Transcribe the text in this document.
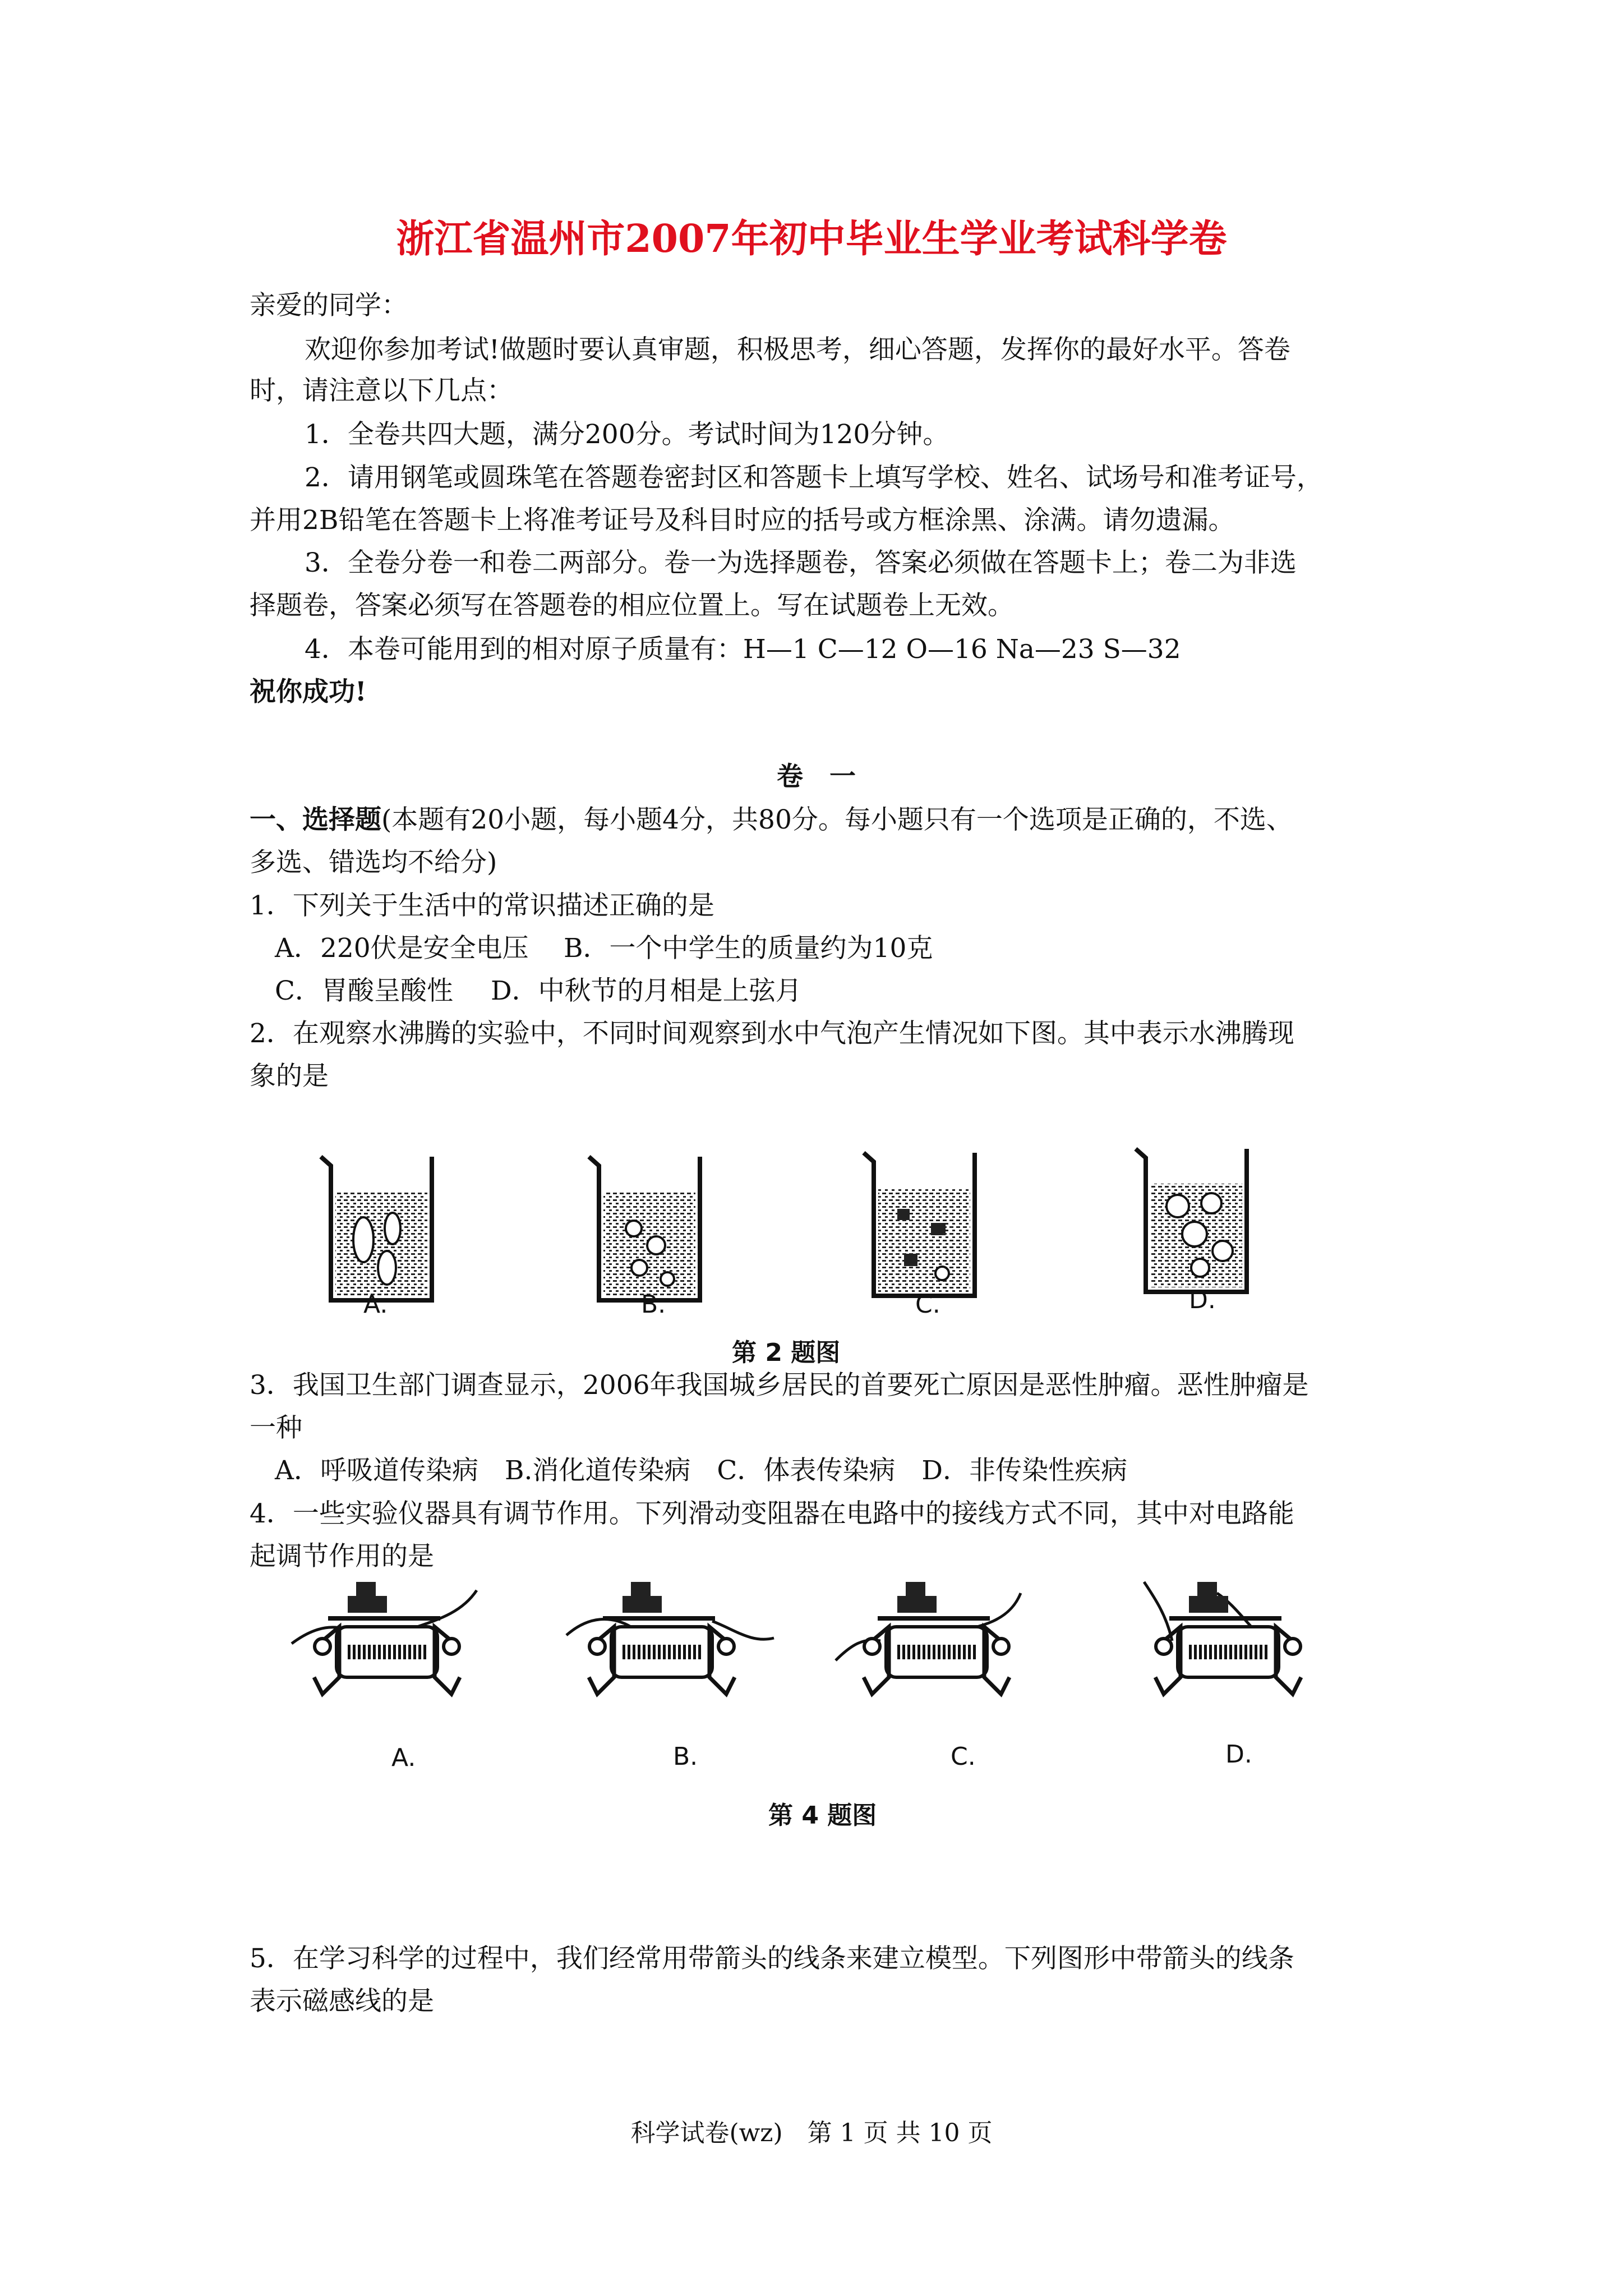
浙江省温州市2007年初中毕业生学业考试科学卷
亲爱的同学：
欢迎你参加考试!做题时要认真审题，积极思考，细心答题，发挥你的最好水平。答卷
时，请注意以下几点：
1．全卷共四大题，满分200分。考试时间为120分钟。
2．请用钢笔或圆珠笔在答题卷密封区和答题卡上填写学校、姓名、试场号和准考证号，
并用2B铅笔在答题卡上将准考证号及科目时应的括号或方框涂黑、涂满。请勿遗漏。
3．全卷分卷一和卷二两部分。卷一为选择题卷，答案必须做在答题卡上；卷二为非选
择题卷，答案必须写在答题卷的相应位置上。写在试题卷上无效。
4．本卷可能用到的相对原子质量有：H—1 C—12 O—16 Na—23 S—32
祝你成功!
卷　一
一、选择题(本题有20小题，每小题4分，共80分。每小题只有一个选项是正确的，不选、
多选、错选均不给分)
1．下列关于生活中的常识描述正确的是
A．220伏是安全电压 B．一个中学生的质量约为10克
C．胃酸呈酸性 D．中秋节的月相是上弦月
2．在观察水沸腾的实验中，不同时间观察到水中气泡产生情况如下图。其中表示水沸腾现
象的是
A.	B.	C.	D.
第 2 题图
3．我国卫生部门调查显示，2006年我国城乡居民的首要死亡原因是恶性肿瘤。恶性肿瘤是
一种
A．呼吸道传染病　B.消化道传染病　C．体表传染病　D．非传染性疾病
4．一些实验仪器具有调节作用。下列滑动变阻器在电路中的接线方式不同，其中对电路能
起调节作用的是
A.	B.	C.	D.
第 4 题图
5．在学习科学的过程中，我们经常用带箭头的线条来建立模型。下列图形中带箭头的线条
表示磁感线的是
科学试卷(wz)　第 1 页 共 10 页
